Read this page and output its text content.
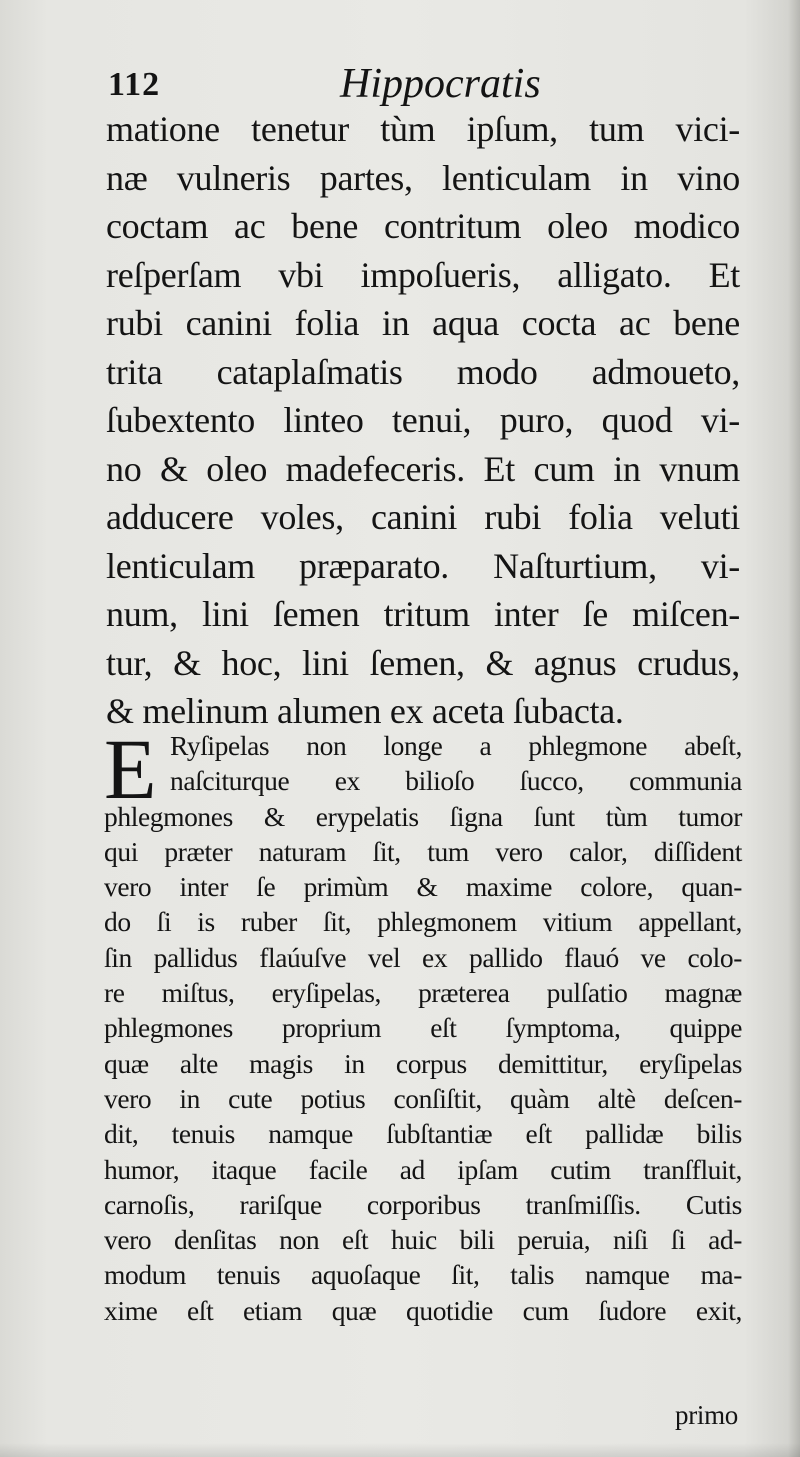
112	Hippocratis
matione tenetur tùm ipſum, tum vici-
næ vulneris partes, lenticulam in vino
coctam ac bene contritum oleo modico
reſperſam vbi impoſueris, alligato. Et
rubi canini folia in aqua cocta ac bene
trita cataplaſmatis modo admoueto,
ſubextento linteo tenui, puro, quod vi-
no & oleo madefeceris. Et cum in vnum
adducere voles, canini rubi folia veluti
lenticulam præparato. Naſturtium, vi-
num, lini ſemen tritum inter ſe miſcen-
tur, & hoc, lini ſemen, & agnus crudus,
& melinum alumen ex aceta ſubacta.
E Ryſipelas non longe a phlegmone abeſt,
naſciturque ex bilioſo ſucco, communia
phlegmones & erypelatis ſigna ſunt tùm tumor
qui præter naturam ſit, tum vero calor, diſſident
vero inter ſe primùm & maxime colore, quan-
do ſi is ruber ſit, phlegmonem vitium appellant,
ſin pallidus flaúuſve vel ex pallido flauó ve colo-
re miſtus, eryſipelas, præterea pulſatio magnæ
phlegmones proprium eſt ſymptoma, quippe
quæ alte magis in corpus demittitur, eryſipelas
vero in cute potius conſiſtit, quàm altè deſcen-
dit, tenuis namque ſubſtantiæ eſt pallidæ bilis
humor, itaque facile ad ipſam cutim tranſfluit,
carnoſis, rariſque corporibus tranſmiſſis. Cutis
vero denſitas non eſt huic bili peruia, niſi ſi ad-
modum tenuis aquoſaque ſit, talis namque ma-
xime eſt etiam quæ quotidie cum ſudore exit,
primo
